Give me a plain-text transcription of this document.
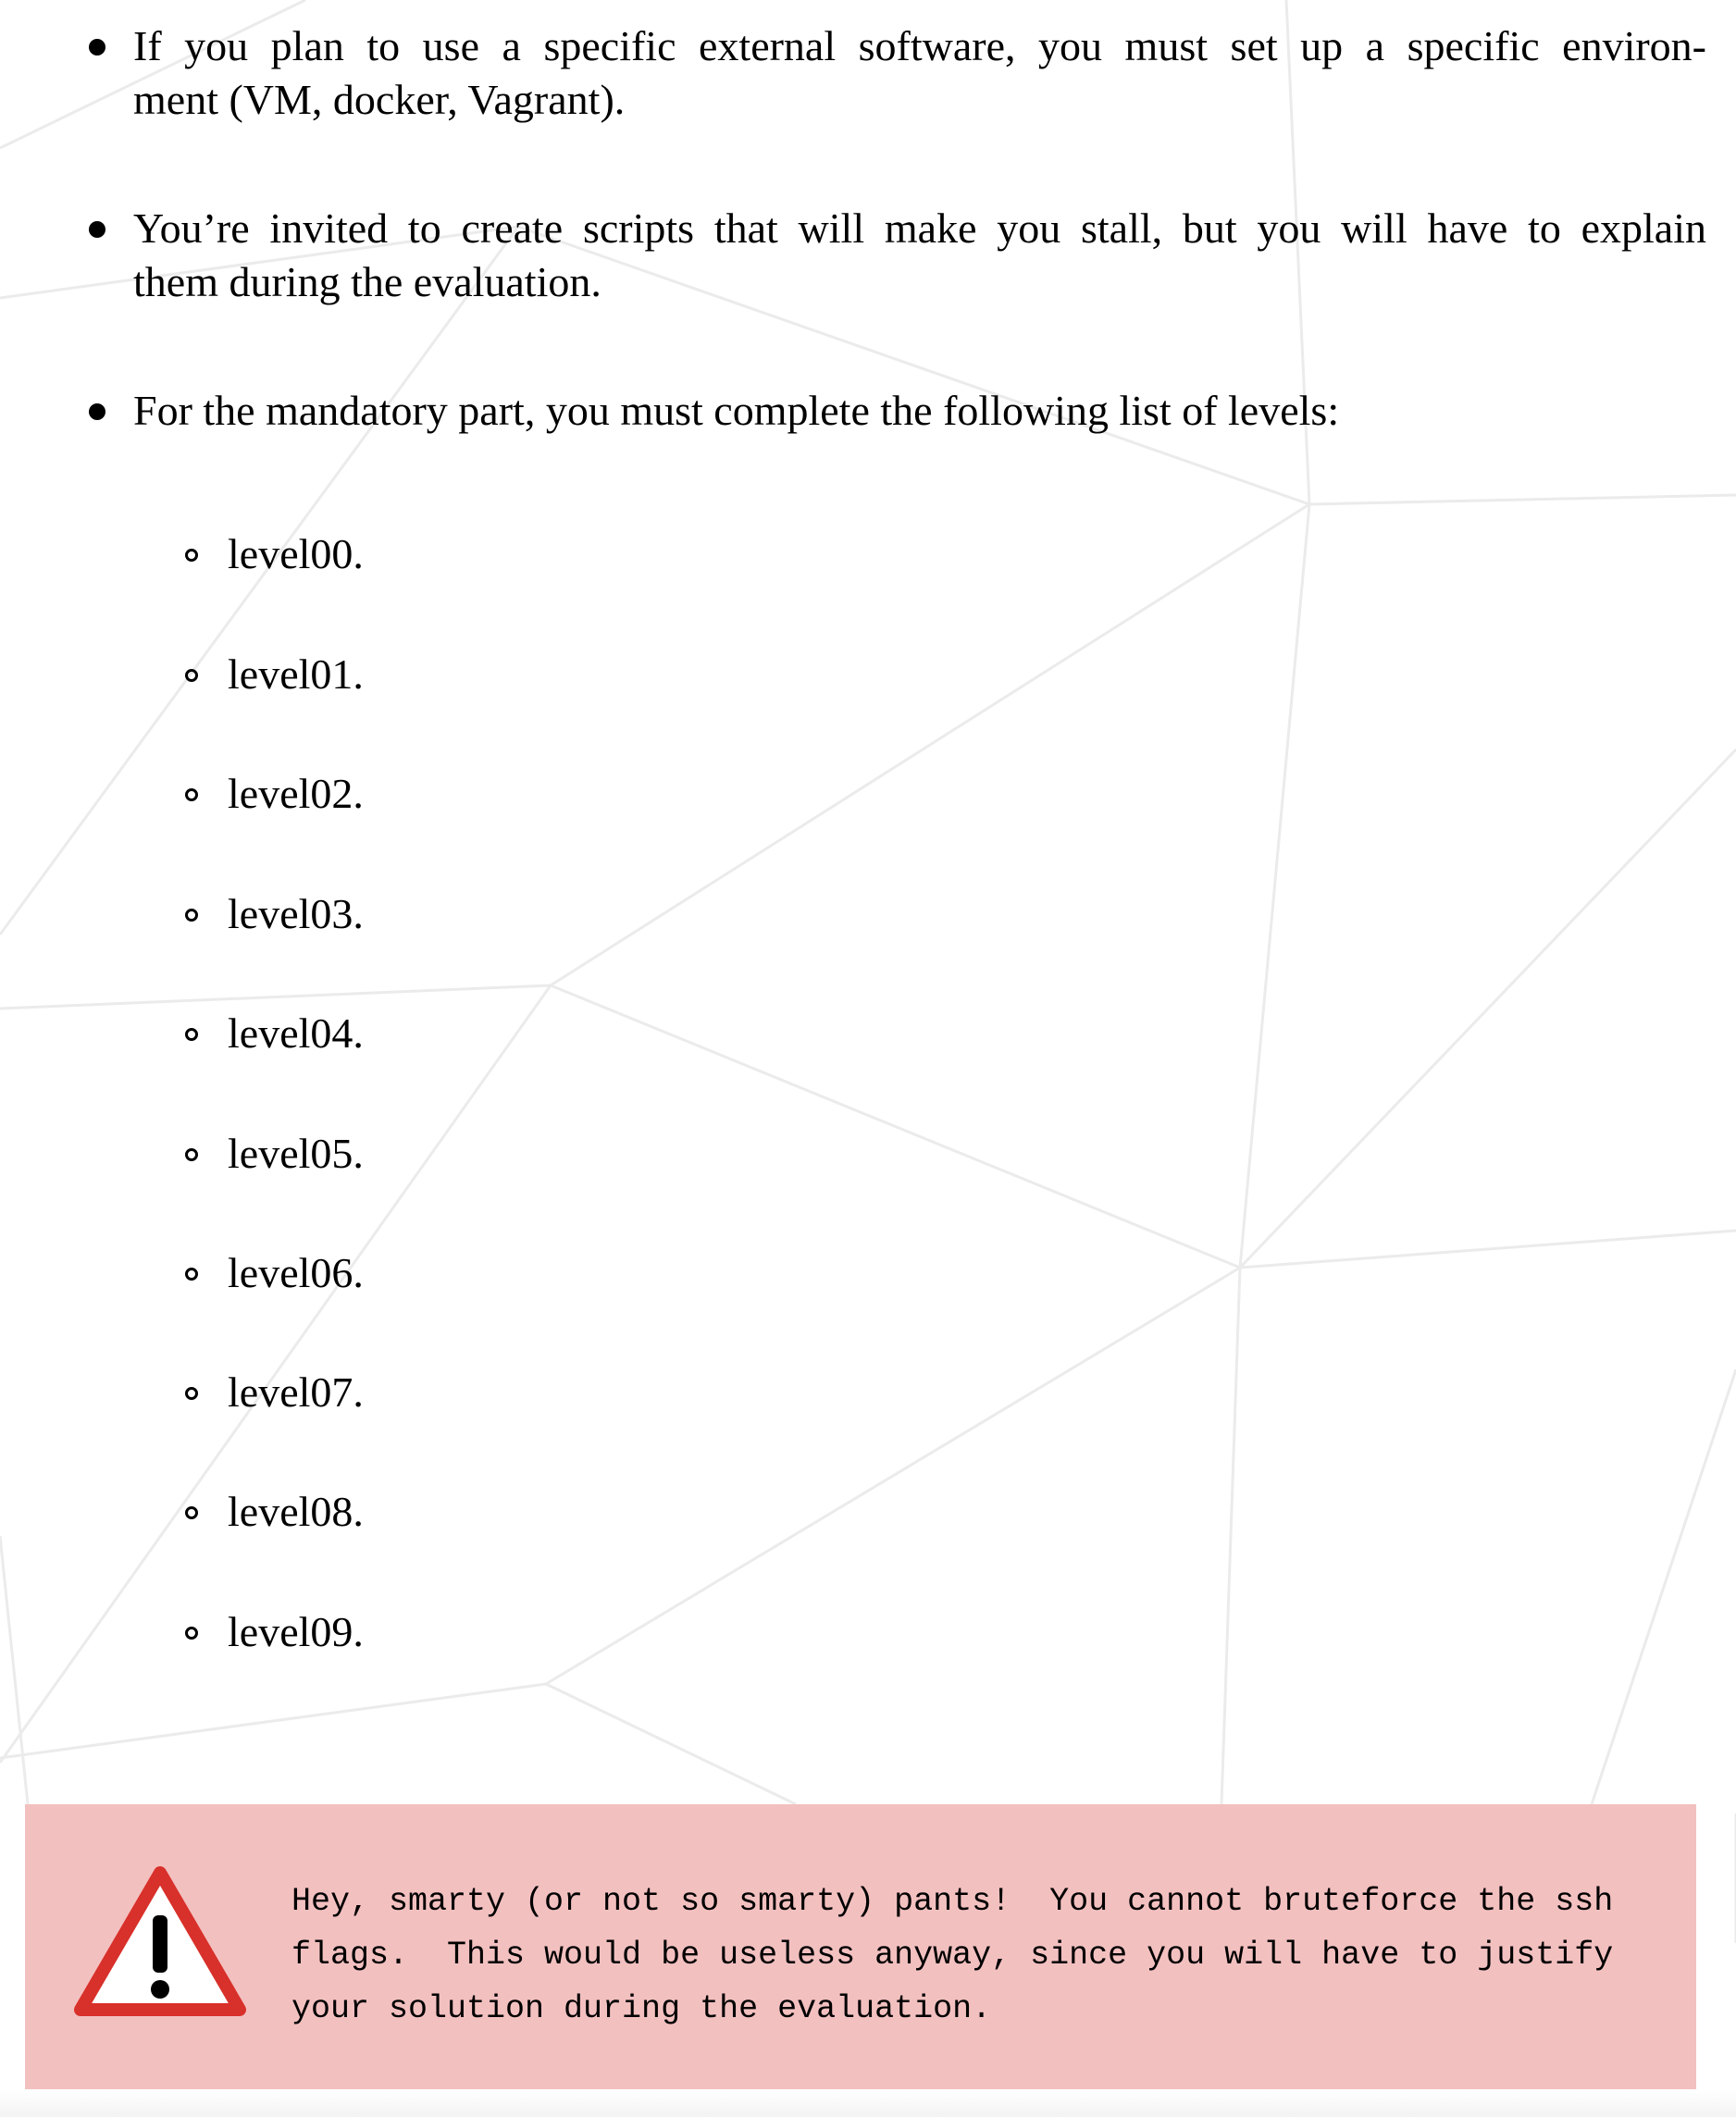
If you plan to use a specific external software, you must set up a specific environ-
ment (VM, docker, Vagrant).
You’re invited to create scripts that will make you stall, but you will have to explain
them during the evaluation.
For the mandatory part, you must complete the following list of levels:
level00.
level01.
level02.
level03.
level04.
level05.
level06.
level07.
level08.
level09.
Hey, smarty (or not so smarty) pants!  You cannot bruteforce the ssh
flags.  This would be useless anyway, since you will have to justify
your solution during the evaluation.
